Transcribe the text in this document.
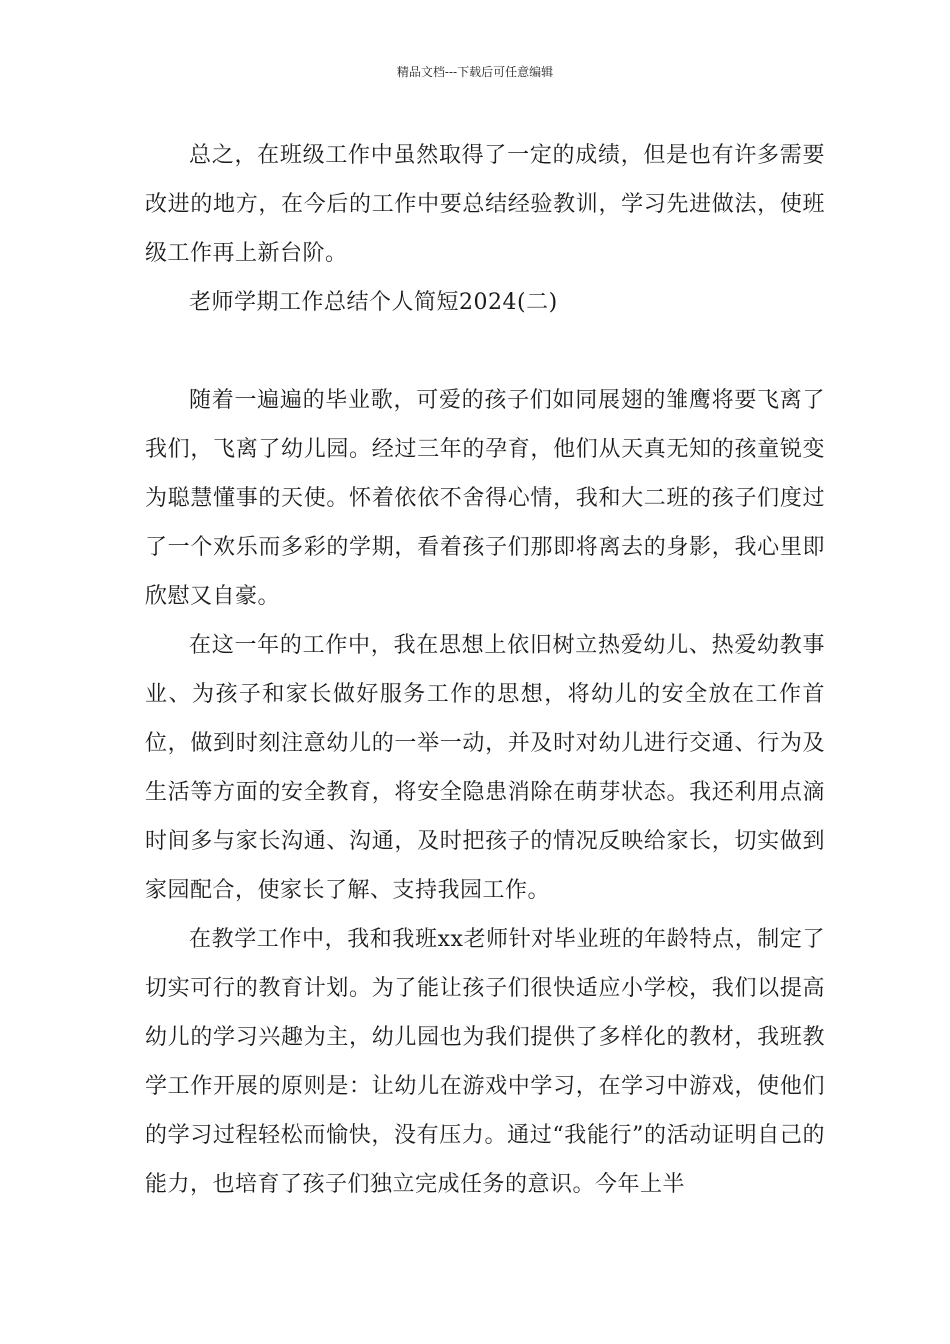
精品文档---下载后可任意编辑

总之，在班级工作中虽然取得了一定的成绩，但是也有许多需要改进的地方，在今后的工作中要总结经验教训，学习先进做法，使班级工作再上新台阶。

老师学期工作总结个人简短2024(二)

随着一遍遍的毕业歌，可爱的孩子们如同展翅的雏鹰将要飞离了我们，飞离了幼儿园。经过三年的孕育，他们从天真无知的孩童锐变为聪慧懂事的天使。怀着依依不舍得心情，我和大二班的孩子们度过了一个欢乐而多彩的学期，看着孩子们那即将离去的身影，我心里即欣慰又自豪。

在这一年的工作中，我在思想上依旧树立热爱幼儿、热爱幼教事业、为孩子和家长做好服务工作的思想，将幼儿的安全放在工作首位，做到时刻注意幼儿的一举一动，并及时对幼儿进行交通、行为及生活等方面的安全教育，将安全隐患消除在萌芽状态。我还利用点滴时间多与家长沟通、沟通，及时把孩子的情况反映给家长，切实做到家园配合，使家长了解、支持我园工作。

在教学工作中，我和我班xx老师针对毕业班的年龄特点，制定了切实可行的教育计划。为了能让孩子们很快适应小学校，我们以提高幼儿的学习兴趣为主，幼儿园也为我们提供了多样化的教材，我班教学工作开展的原则是：让幼儿在游戏中学习，在学习中游戏，使他们的学习过程轻松而愉快，没有压力。通过“我能行”的活动证明自己的能力，也培育了孩子们独立完成任务的意识。今年上半
